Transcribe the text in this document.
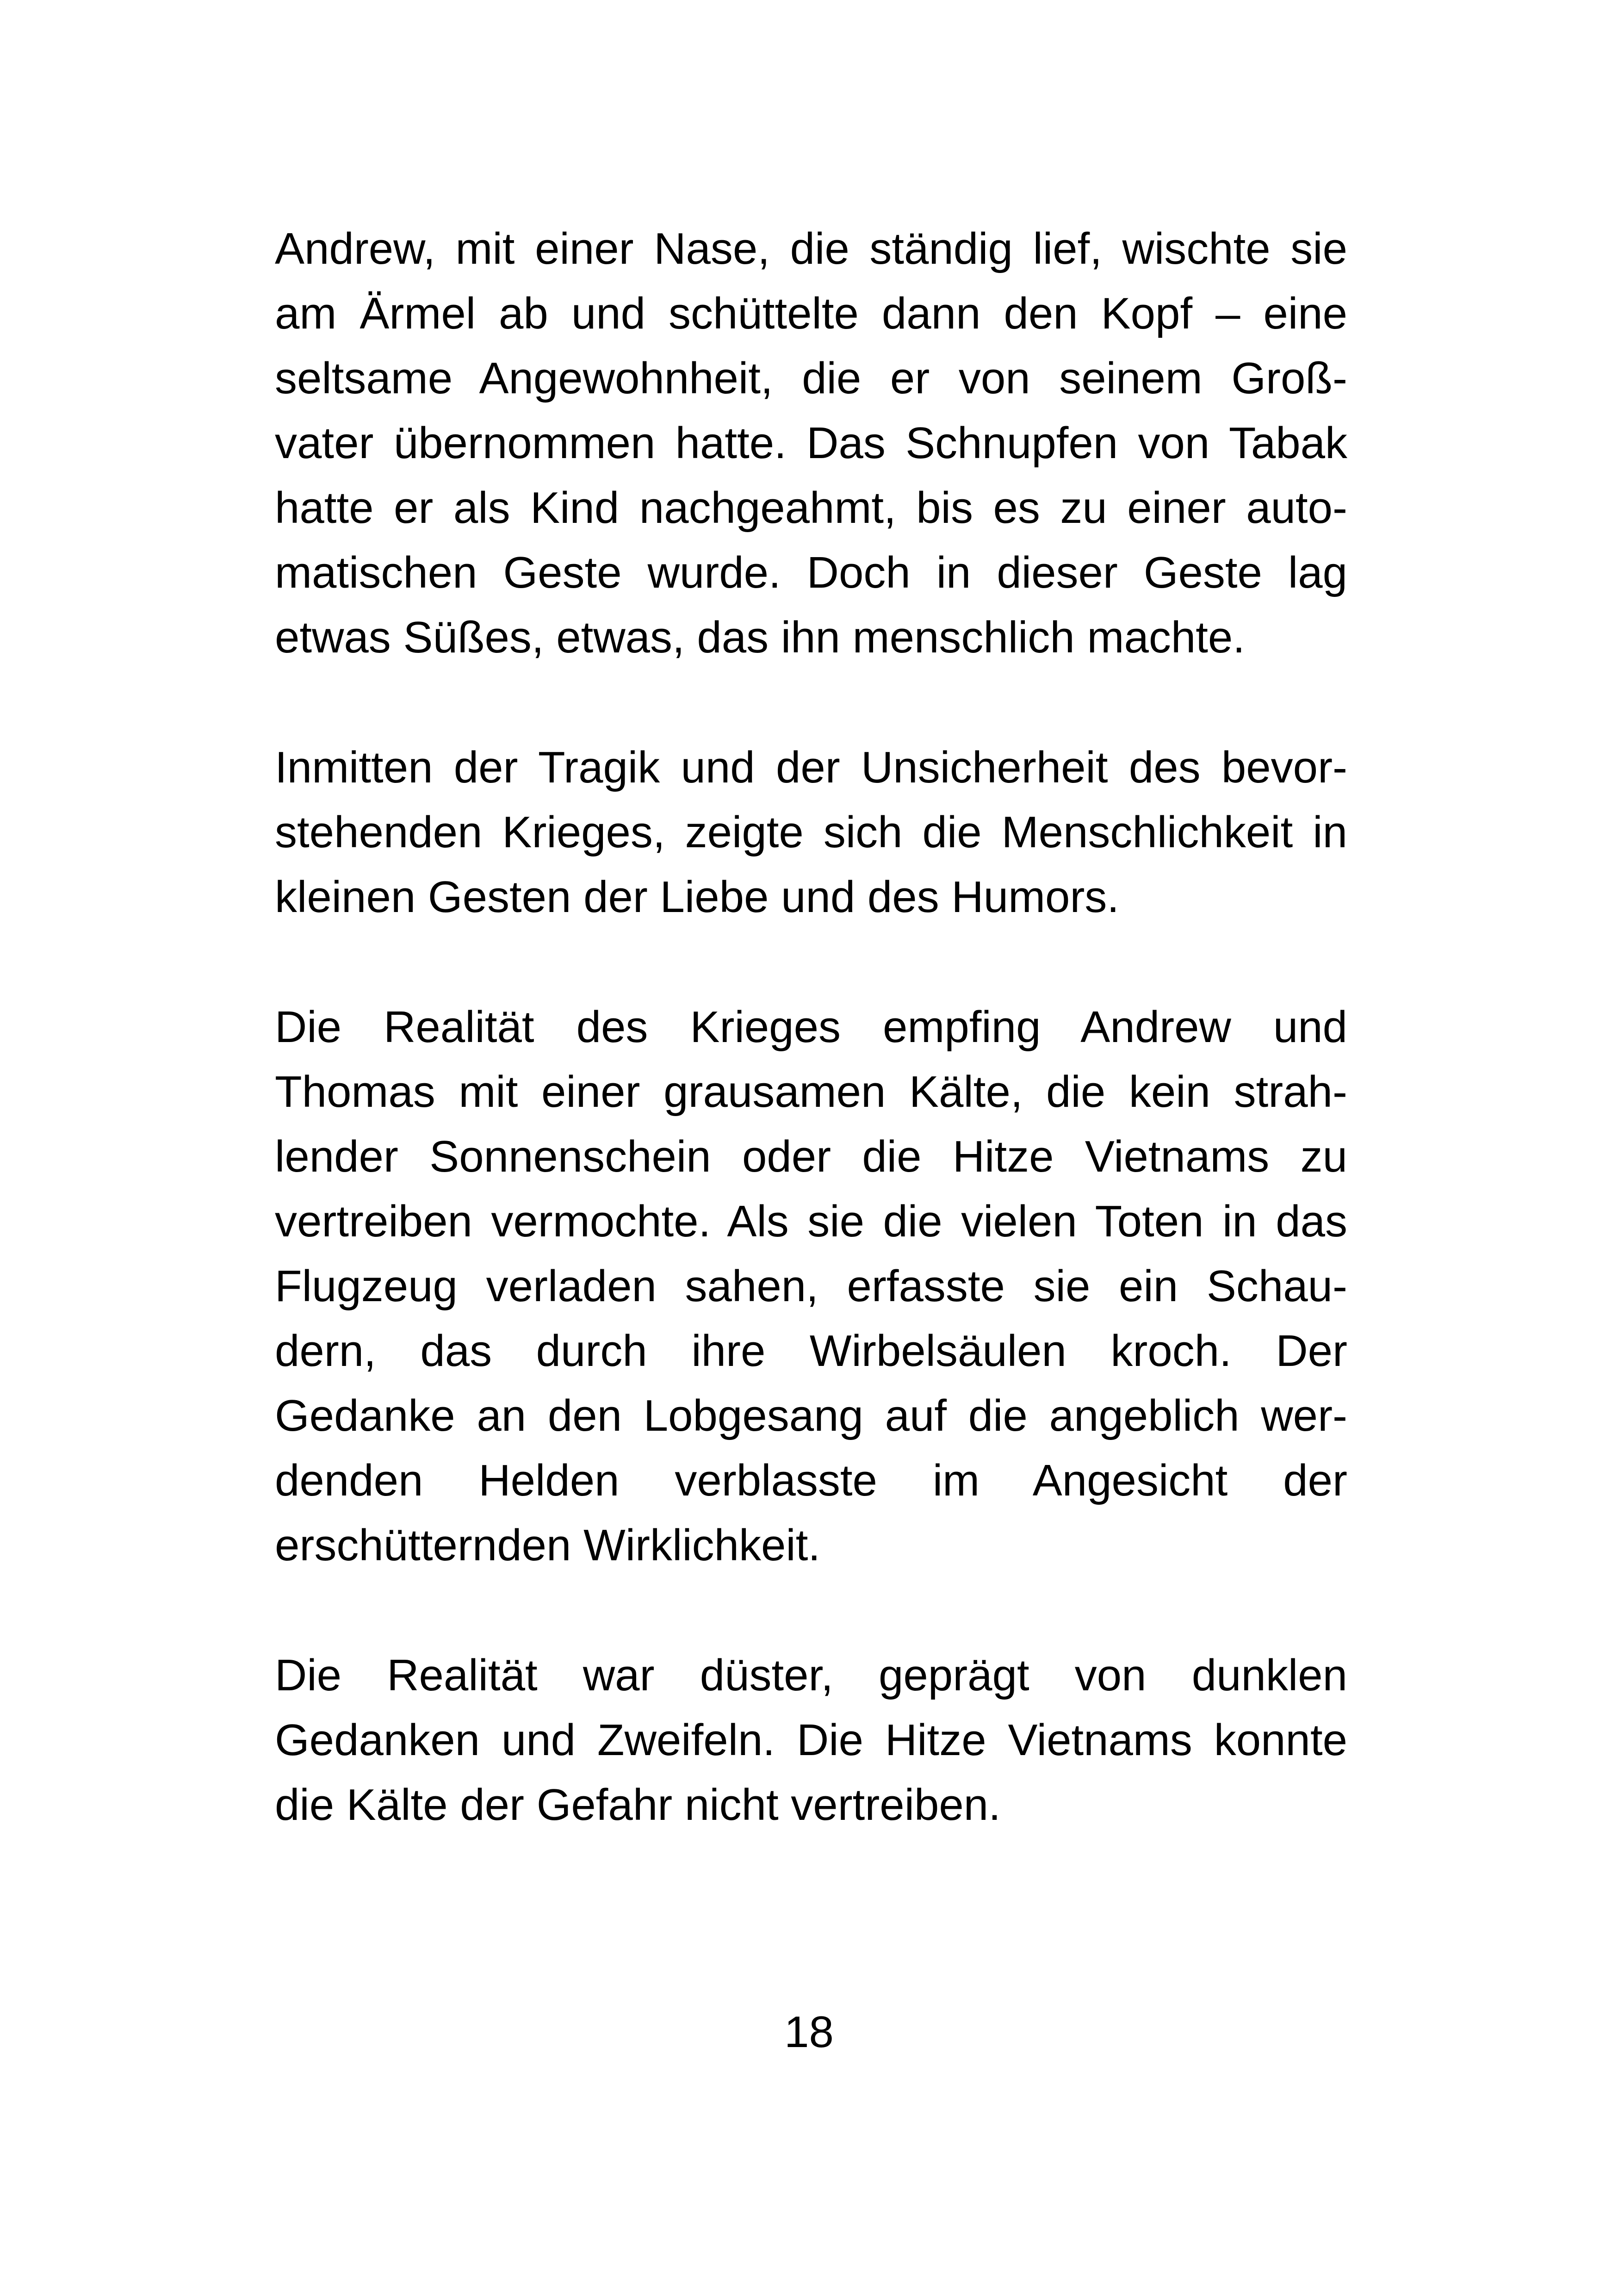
Andrew, mit einer Nase, die ständig lief, wischte sie
am Ärmel ab und schüttelte dann den Kopf – eine
seltsame Angewohnheit, die er von seinem Groß-
vater übernommen hatte. Das Schnupfen von Tabak
hatte er als Kind nachgeahmt, bis es zu einer auto-
matischen Geste wurde. Doch in dieser Geste lag
etwas Süßes, etwas, das ihn menschlich machte.

Inmitten der Tragik und der Unsicherheit des bevor-
stehenden Krieges, zeigte sich die Menschlichkeit in
kleinen Gesten der Liebe und des Humors.

Die Realität des Krieges empfing Andrew und
Thomas mit einer grausamen Kälte, die kein strah-
lender Sonnenschein oder die Hitze Vietnams zu
vertreiben vermochte. Als sie die vielen Toten in das
Flugzeug verladen sahen, erfasste sie ein Schau-
dern, das durch ihre Wirbelsäulen kroch. Der
Gedanke an den Lobgesang auf die angeblich wer-
denden Helden verblasste im Angesicht der
erschütternden Wirklichkeit.

Die Realität war düster, geprägt von dunklen
Gedanken und Zweifeln. Die Hitze Vietnams konnte
die Kälte der Gefahr nicht vertreiben.

18
